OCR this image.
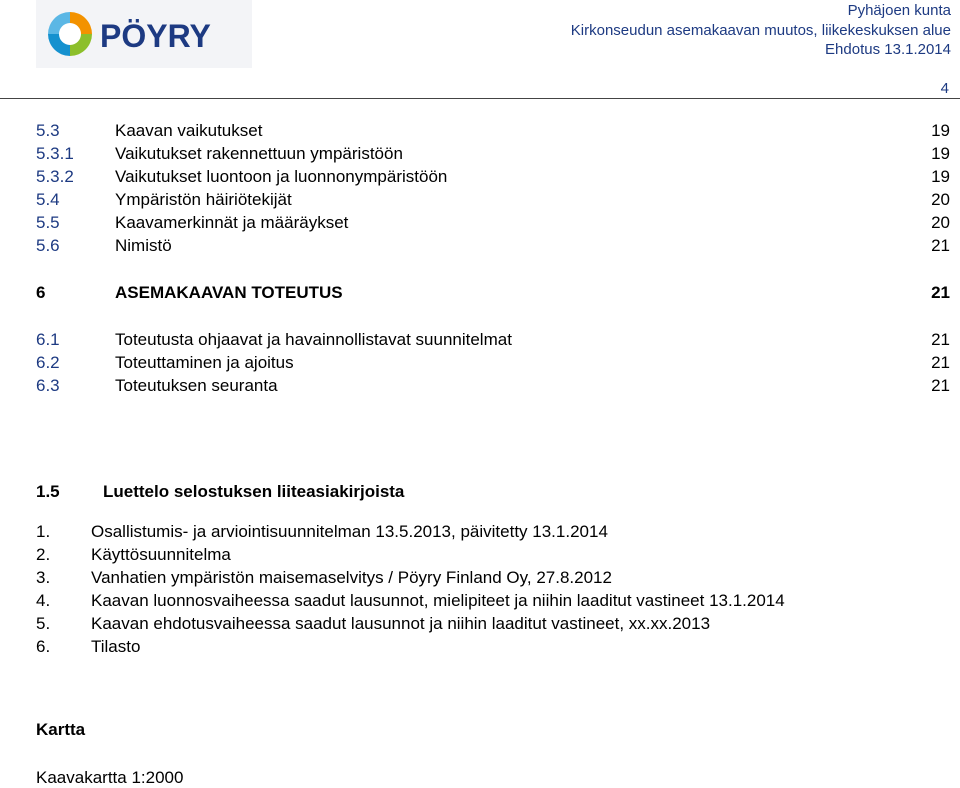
PÖYRY
Pyhäjoen kunta
Kirkonseudun asemakaavan muutos, liikekeskuksen alue
Ehdotus 13.1.2014
4
5.3	Kaavan vaikutukset	19
5.3.1 Vaikutukset rakennettuun ympäristöön	19
5.3.2 Vaikutukset luontoon ja luonnonympäristöön	19
5.4	Ympäristön häiriötekijät	20
5.5	Kaavamerkinnät ja määräykset	20
5.6	Nimistö	21
6	ASEMAKAAVAN TOTEUTUS	21
6.1	Toteutusta ohjaavat ja havainnollistavat suunnitelmat	21
6.2	Toteuttaminen ja ajoitus	21
6.3	Toteutuksen seuranta	21
1.5	Luettelo selostuksen liiteasiakirjoista
1. Osallistumis- ja arviointisuunnitelman 13.5.2013, päivitetty 13.1.2014
2. Käyttösuunnitelma
3. Vanhatien ympäristön maisemaselvitys / Pöyry Finland Oy, 27.8.2012
4. Kaavan luonnosvaiheessa saadut lausunnot, mielipiteet ja niihin laaditut vastineet 13.1.2014
5. Kaavan ehdotusvaiheessa saadut lausunnot ja niihin laaditut vastineet, xx.xx.2013
6. Tilasto
Kartta
Kaavakartta 1:2000
